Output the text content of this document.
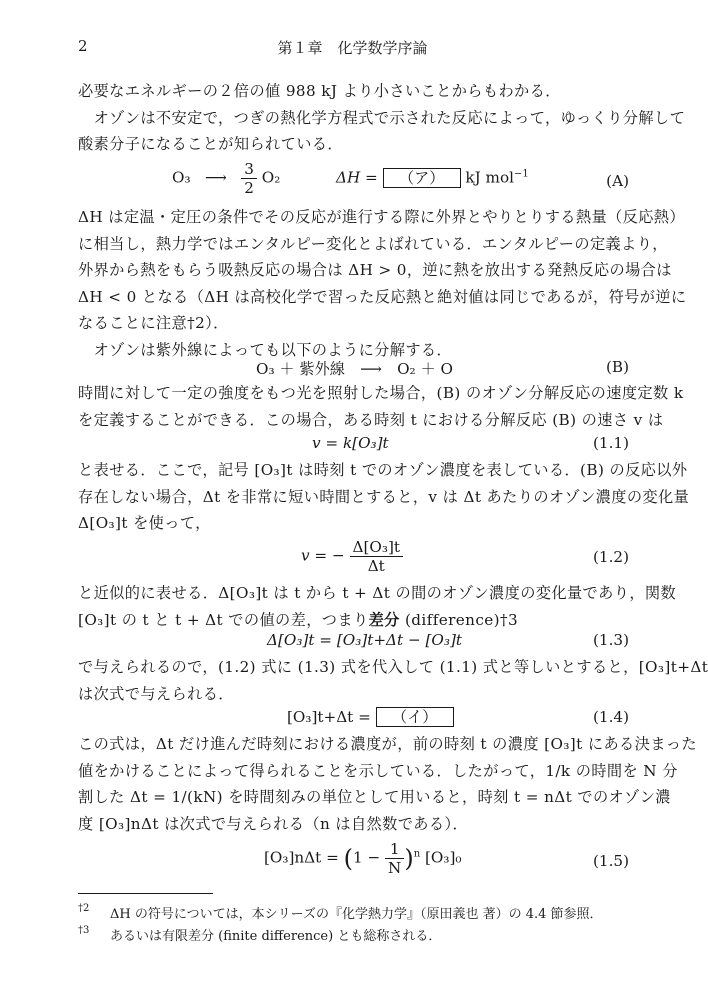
2	第１章　化学数学序論
必要なエネルギーの２倍の値 988 kJ より小さいことからもわかる．
　オゾンは不安定で，つぎの熱化学方程式で示された反応によって，ゆっくり分解して
酸素分子になることが知られている．
O₃ ⟶ $\frac{3}{2} O_2$	ΔH = （ア） kJ mol$^{-1}$	(A)
ΔH は定温・定圧の条件でその反応が進行する際に外界とやりとりする熱量（反応熱）
に相当し，熱力学ではエンタルピー変化とよばれている．エンタルピーの定義より，
外界から熱をもらう吸熱反応の場合は ΔH > 0，逆に熱を放出する発熱反応の場合は
ΔH < 0 となる（ΔH は高校化学で習った反応熱と絶対値は同じであるが，符号が逆に
なることに注意†2）．
　オゾンは紫外線によっても以下のように分解する．
O₃ ＋ 紫外線　⟶　O₂ ＋ O	(B)
時間に対して一定の強度をもつ光を照射した場合，(B) のオゾン分解反応の速度定数 k
を定義することができる．この場合，ある時刻 t における分解反応 (B) の速さ v は
v = k[O₃]t	(1.1)
と表せる．ここで，記号 [O₃]t は時刻 t でのオゾン濃度を表している．(B) の反応以外
存在しない場合，Δt を非常に短い時間とすると，v は Δt あたりのオゾン濃度の変化量
Δ[O₃]t を使って，
v = − $\frac{\text{Δ[O₃]t}}{\Delta t}$	(1.2)
と近似的に表せる．Δ[O₃]t は t から t + Δt の間のオゾン濃度の変化量であり，関数
[O₃]t の t と t + Δt での値の差，つまり差分 (difference)†3
Δ[O₃]t = [O₃]t+Δt − [O₃]t	(1.3)
で与えられるので，(1.2) 式に (1.3) 式を代入して (1.1) 式と等しいとすると，[O₃]t+Δt
は次式で与えられる．
[O₃]t+Δt = （イ）	(1.4)
この式は，Δt だけ進んだ時刻における濃度が，前の時刻 t の濃度 [O₃]t にある決まった
値をかけることによって得られることを示している．したがって，1/k の時間を N 分
割した Δt = 1/(kN) を時間刻みの単位として用いると，時刻 t = nΔt でのオゾン濃
度 [O₃]nΔt は次式で与えられる（n は自然数である）．
$[O_3]n\Delta t = (1 - \frac{1}{N} )^n$ [O₃]₀	(1.5)
†2 ΔH の符号については，本シリーズの『化学熱力学』（原田義也 著）の 4.4 節参照．
†3 あるいは有限差分 (finite difference) とも総称される．
